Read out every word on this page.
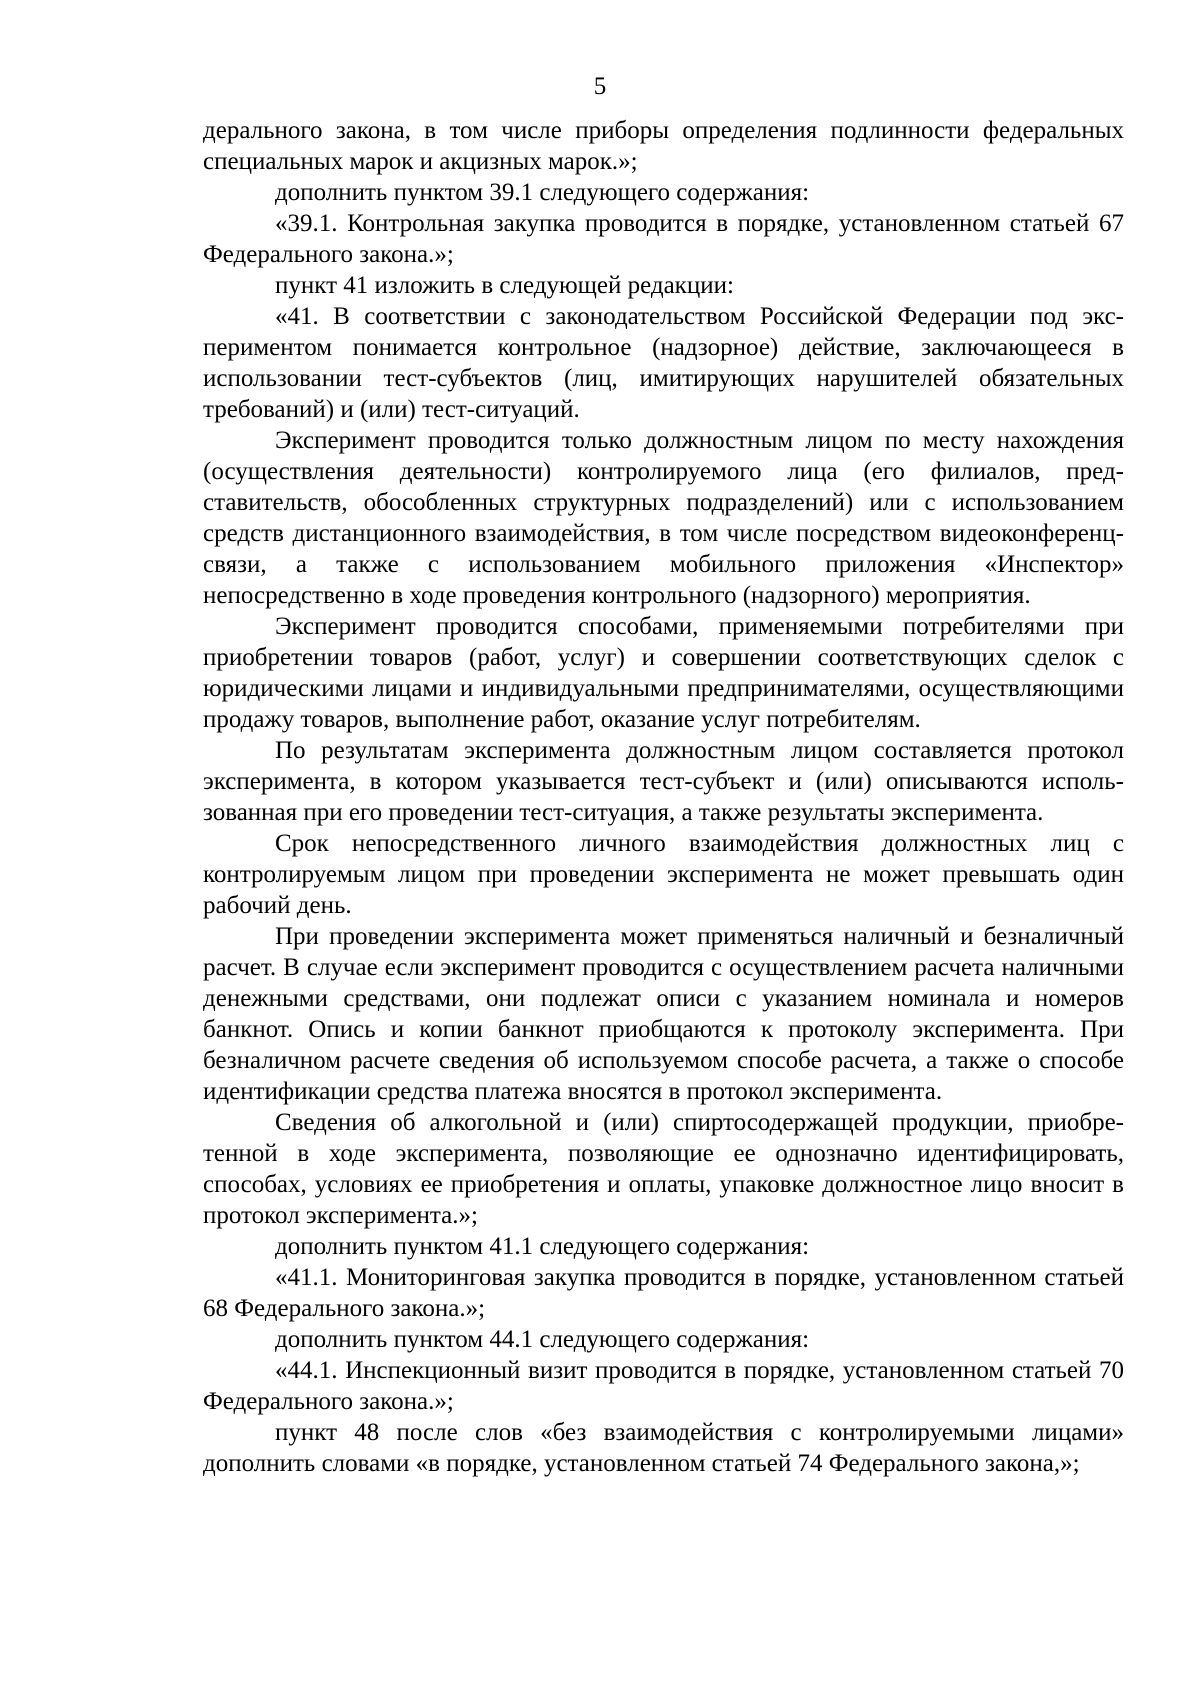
5

дерального закона, в том числе приборы определения подлинности федеральных специальных марок и акцизных марок.»;

дополнить пунктом 39.1 следующего содержания:

«39.1. Контрольная закупка проводится в порядке, установленном статьей 67 Федерального закона.»;

пункт 41 изложить в следующей редакции:

«41. В соответствии с законодательством Российской Федерации под экспериментом понимается контрольное (надзорное) действие, заключающееся в использовании тест-субъектов (лиц, имитирующих нарушителей обязательных требований) и (или) тест-ситуаций.

Эксперимент проводится только должностным лицом по месту нахождения (осуществления деятельности) контролируемого лица (его филиалов, представительств, обособленных структурных подразделений) или с использованием средств дистанционного взаимодействия, в том числе посредством видеоконференц-связи, а также с использованием мобильного приложения «Инспектор» непосредственно в ходе проведения контрольного (надзорного) мероприятия.

Эксперимент проводится способами, применяемыми потребителями при приобретении товаров (работ, услуг) и совершении соответствующих сделок с юридическими лицами и индивидуальными предпринимателями, осуществляющими продажу товаров, выполнение работ, оказание услуг потребителям.

По результатам эксперимента должностным лицом составляется протокол эксперимента, в котором указывается тест-субъект и (или) описываются использованная при его проведении тест-ситуация, а также результаты эксперимента.

Срок непосредственного личного взаимодействия должностных лиц с контролируемым лицом при проведении эксперимента не может превышать один рабочий день.

При проведении эксперимента может применяться наличный и безналичный расчет. В случае если эксперимент проводится с осуществлением расчета наличными денежными средствами, они подлежат описи с указанием номинала и номеров банкнот. Опись и копии банкнот приобщаются к протоколу эксперимента. При безналичном расчете сведения об используемом способе расчета, а также о способе идентификации средства платежа вносятся в протокол эксперимента.

Сведения об алкогольной и (или) спиртосодержащей продукции, приобретенной в ходе эксперимента, позволяющие ее однозначно идентифицировать, способах, условиях ее приобретения и оплаты, упаковке должностное лицо вносит в протокол эксперимента.»;

дополнить пунктом 41.1 следующего содержания:

«41.1. Мониторинговая закупка проводится в порядке, установленном статьей 68 Федерального закона.»;

дополнить пунктом 44.1 следующего содержания:

«44.1. Инспекционный визит проводится в порядке, установленном статьей 70 Федерального закона.»;

пункт 48 после слов «без взаимодействия с контролируемыми лицами» дополнить словами «в порядке, установленном статьей 74 Федерального закона,»;
